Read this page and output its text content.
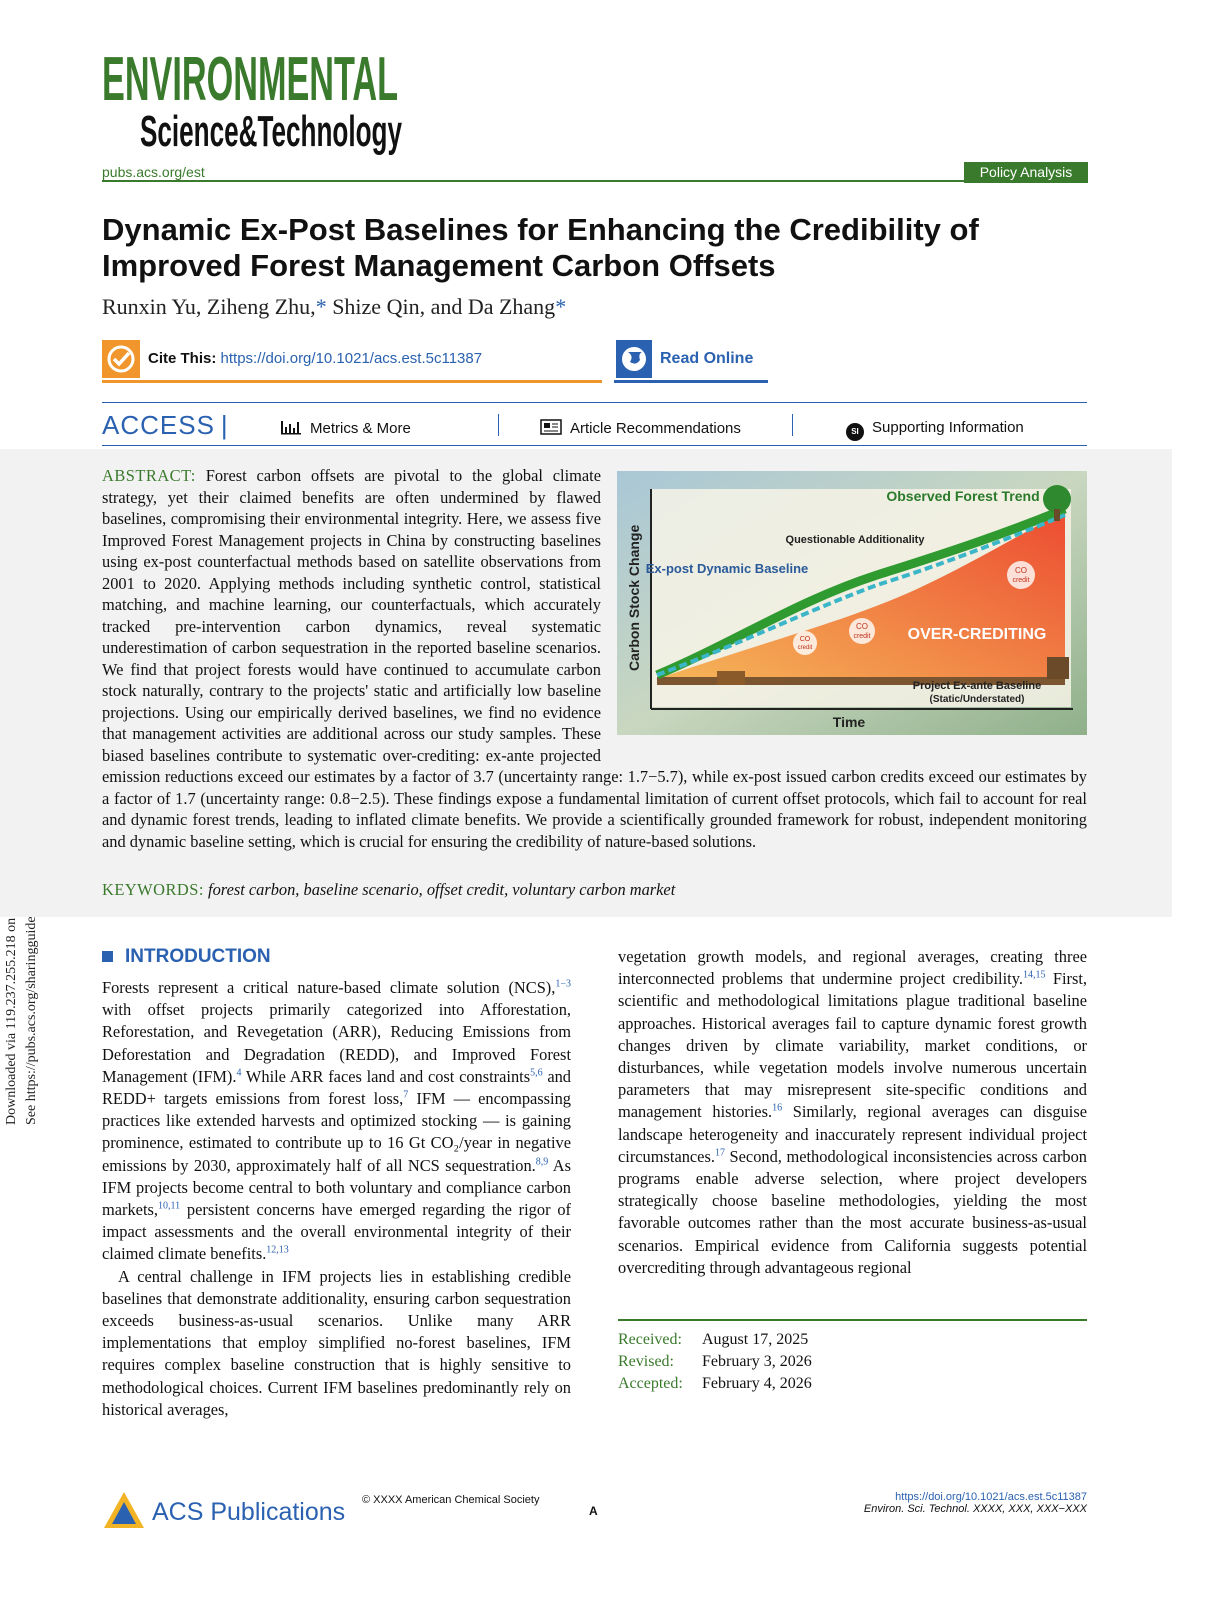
ENVIRONMENTAL
Science&Technology
pubs.acs.org/est	Policy Analysis
Dynamic Ex-Post Baselines for Enhancing the Credibility of Improved Forest Management Carbon Offsets
Runxin Yu, Ziheng Zhu,* Shize Qin, and Da Zhang*
Cite This: https://doi.org/10.1021/acs.est.5c11387	Read Online
ACCESS |	Metrics & More	Article Recommendations	SI Supporting Information
CO
credit
CO
credit
CO
credit
Carbon Stock Change
Time
Observed Forest Trend
Ex-post Dynamic Baseline
Questionable Additionality
OVER-CREDITING
Project Ex-ante Baseline
(Static/Understated)
ABSTRACT: Forest carbon offsets are pivotal to the global climate strategy, yet their claimed benefits are often undermined by flawed baselines, compromising their environmental integrity. Here, we assess five Improved Forest Management projects in China by constructing baselines using ex-post counterfactual methods based on satellite observations from 2001 to 2020. Applying methods including synthetic control, statistical matching, and machine learning, our counterfactuals, which accurately tracked pre-intervention carbon dynamics, reveal systematic underestimation of carbon sequestration in the reported baseline scenarios. We find that project forests would have continued to accumulate carbon stock naturally, contrary to the projects' static and artificially low baseline projections. Using our empirically derived baselines, we find no evidence that management activities are additional across our study samples. These biased baselines contribute to systematic over-crediting: ex-ante projected emission reductions exceed our estimates by a factor of 3.7 (uncertainty range: 1.7−5.7), while ex-post issued carbon credits exceed our estimates by a factor of 1.7 (uncertainty range: 0.8−2.5). These findings expose a fundamental limitation of current offset protocols, which fail to account for real and dynamic forest trends, leading to inflated climate benefits. We provide a scientifically grounded framework for robust, independent monitoring and dynamic baseline setting, which is crucial for ensuring the credibility of nature-based solutions.
KEYWORDS: forest carbon, baseline scenario, offset credit, voluntary carbon market
INTRODUCTION

Forests represent a critical nature-based climate solution (NCS),$^{1-3}$ with offset projects primarily categorized into Afforestation, Reforestation, and Revegetation (ARR), Reducing Emissions from Deforestation and Degradation (REDD), and Improved Forest Management (IFM).$^4$ While ARR faces land and cost constraints$^{5,6}$ and REDD+ targets emissions from forest loss,$^7$ IFM — encompassing practices like extended harvests and optimized stocking — is gaining prominence, estimated to contribute up to 16 Gt CO₂/year in negative emissions by 2030, approximately half of all NCS sequestration.$^{8,9}$ As IFM projects become central to both voluntary and compliance carbon markets,$^{10,11}$ persistent concerns have emerged regarding the rigor of impact assessments and the overall environmental integrity of their claimed climate benefits.$^{12,13}$

A central challenge in IFM projects lies in establishing credible baselines that demonstrate additionality, ensuring carbon sequestration exceeds business-as-usual scenarios. Unlike many ARR implementations that employ simplified no-forest baselines, IFM requires complex baseline construction that is highly sensitive to methodological choices. Current IFM baselines predominantly rely on historical averages,

vegetation growth models, and regional averages, creating three interconnected problems that undermine project credibility.$^{14,15}$ First, scientific and methodological limitations plague traditional baseline approaches. Historical averages fail to capture dynamic forest growth changes driven by climate variability, market conditions, or disturbances, while vegetation models involve numerous uncertain parameters that may misrepresent site-specific conditions and management histories.$^{16}$ Similarly, regional averages can disguise landscape heterogeneity and inaccurately represent individual project circumstances.$^{17}$ Second, methodological inconsistencies across carbon programs enable adverse selection, where project developers strategically choose baseline methodologies, yielding the most favorable outcomes rather than the most accurate business-as-usual scenarios. Empirical evidence from California suggests potential overcrediting through advantageous regional

Received: August 17, 2025
Revised: February 3, 2026
Accepted: February 4, 2026
ACS Publications © XXXX American Chemical Society
A
https://doi.org/10.1021/acs.est.5c11387
Environ. Sci. Technol. XXXX, XXX, XXX−XXX
